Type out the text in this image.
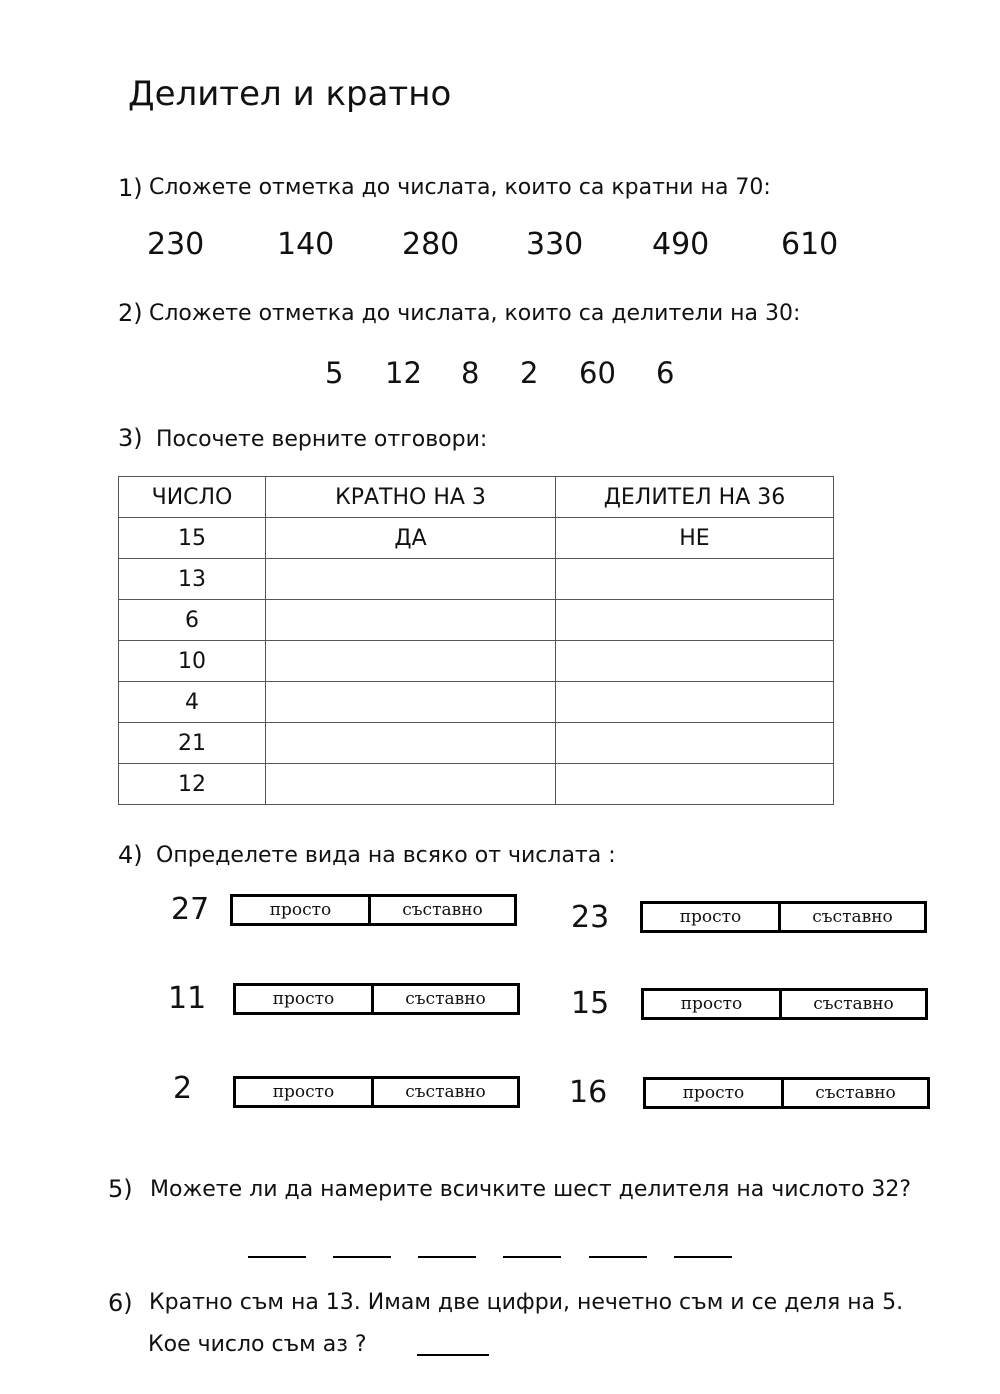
Делител и кратно
1) Сложете отметка до числата, които са кратни на 70:
230 140 280 330 490 610
2) Сложете отметка до числата, които са делители на 30:
5 12 8 2 60 6
3) Посочете верните отговори:
ЧИСЛО	КРАТНО НА 3	ДЕЛИТЕЛ НА 36
15	ДА	НЕ
13		
6		
10		
4		
21		
12		
4) Определете вида на всяко от числата :
27	просто	съставно	23	просто	съставно
11	просто	съставно	15	просто	съставно
2	просто	съставно	16	просто	съставно
5) Можете ли да намерите всичките шест делителя на числото 32?
6) Кратно съм на 13. Имам две цифри, нечетно съм и се деля на 5.
Кое число съм аз ?
